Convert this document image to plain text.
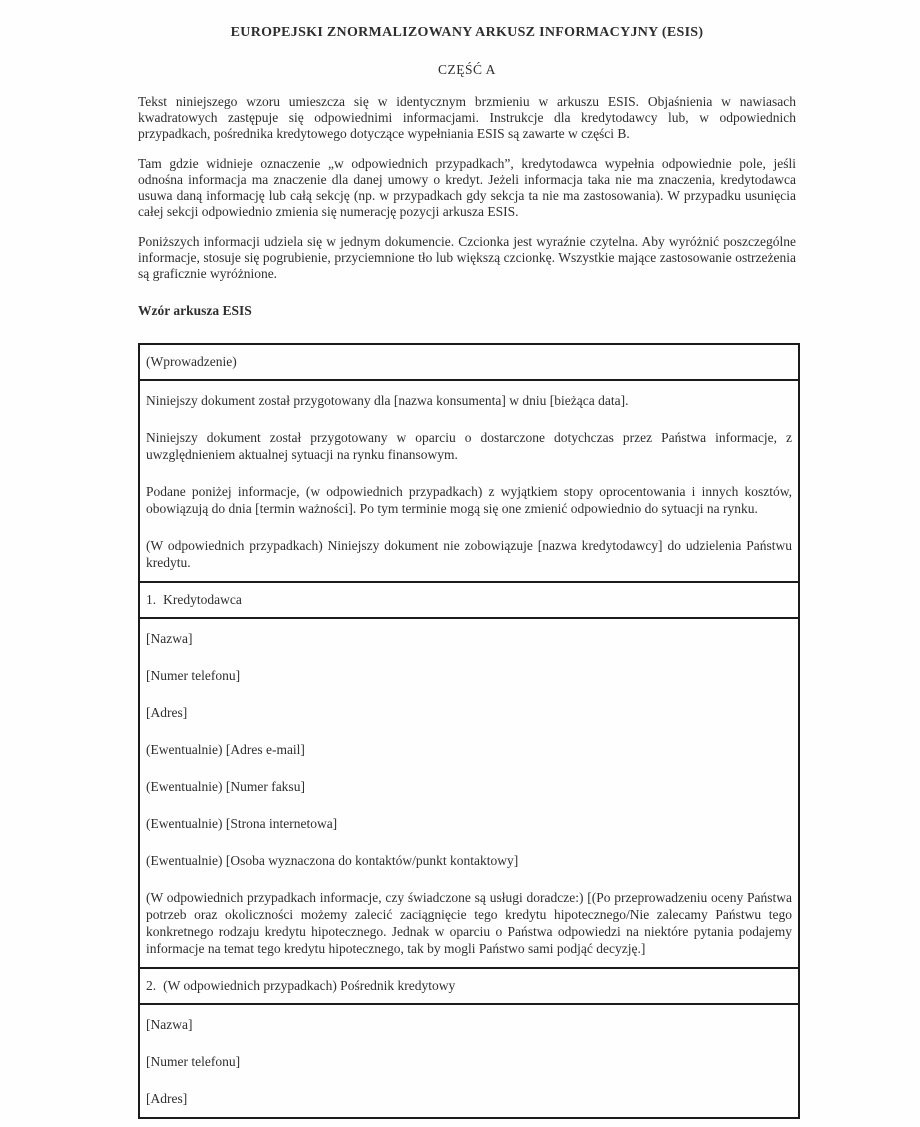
EUROPEJSKI ZNORMALIZOWANY ARKUSZ INFORMACYJNY (ESIS)
CZĘŚĆ A

Tekst niniejszego wzoru umieszcza się w identycznym brzmieniu w arkuszu ESIS. Objaśnienia w nawiasach kwadratowych zastępuje się odpowiednimi informacjami. Instrukcje dla kredytodawcy lub, w odpowiednich przypadkach, pośrednika kredytowego dotyczące wypełniania ESIS są zawarte w części B.

Tam gdzie widnieje oznaczenie „w odpowiednich przypadkach”, kredytodawca wypełnia odpowiednie pole, jeśli odnośna informacja ma znaczenie dla danej umowy o kredyt. Jeżeli informacja taka nie ma znaczenia, kredytodawca usuwa daną informację lub całą sekcję (np. w przypadkach gdy sekcja ta nie ma zastosowania). W przypadku usunięcia całej sekcji odpowiednio zmienia się numerację pozycji arkusza ESIS.

Poniższych informacji udziela się w jednym dokumencie. Czcionka jest wyraźnie czytelna. Aby wyróżnić poszczególne informacje, stosuje się pogrubienie, przyciemnione tło lub większą czcionkę. Wszystkie mające zastosowanie ostrzeżenia są graficznie wyróżnione.

Wzór arkusza ESIS
(Wprowadzenie)

Niniejszy dokument został przygotowany dla [nazwa konsumenta] w dniu [bieżąca data].

Niniejszy dokument został przygotowany w oparciu o dostarczone dotychczas przez Państwa informacje, z uwzględnieniem aktualnej sytuacji na rynku finansowym.

Podane poniżej informacje, (w odpowiednich przypadkach) z wyjątkiem stopy oprocentowania i innych kosztów, obowiązują do dnia [termin ważności]. Po tym terminie mogą się one zmienić odpowiednio do sytuacji na rynku.

(W odpowiednich przypadkach) Niniejszy dokument nie zobowiązuje [nazwa kredytodawcy] do udzielenia Państwu kredytu.

1. Kredytodawca

[Nazwa]

[Numer telefonu]

[Adres]

(Ewentualnie) [Adres e-mail]

(Ewentualnie) [Numer faksu]

(Ewentualnie) [Strona internetowa]

(Ewentualnie) [Osoba wyznaczona do kontaktów/punkt kontaktowy]

(W odpowiednich przypadkach informacje, czy świadczone są usługi doradcze:) [(Po przeprowadzeniu oceny Państwa potrzeb oraz okoliczności możemy zalecić zaciągnięcie tego kredytu hipotecznego/Nie zalecamy Państwu tego konkretnego rodzaju kredytu hipotecznego. Jednak w oparciu o Państwa odpowiedzi na niektóre pytania podajemy informacje na temat tego kredytu hipotecznego, tak by mogli Państwo sami podjąć decyzję.]

2. (W odpowiednich przypadkach) Pośrednik kredytowy

[Nazwa]

[Numer telefonu]

[Adres]
